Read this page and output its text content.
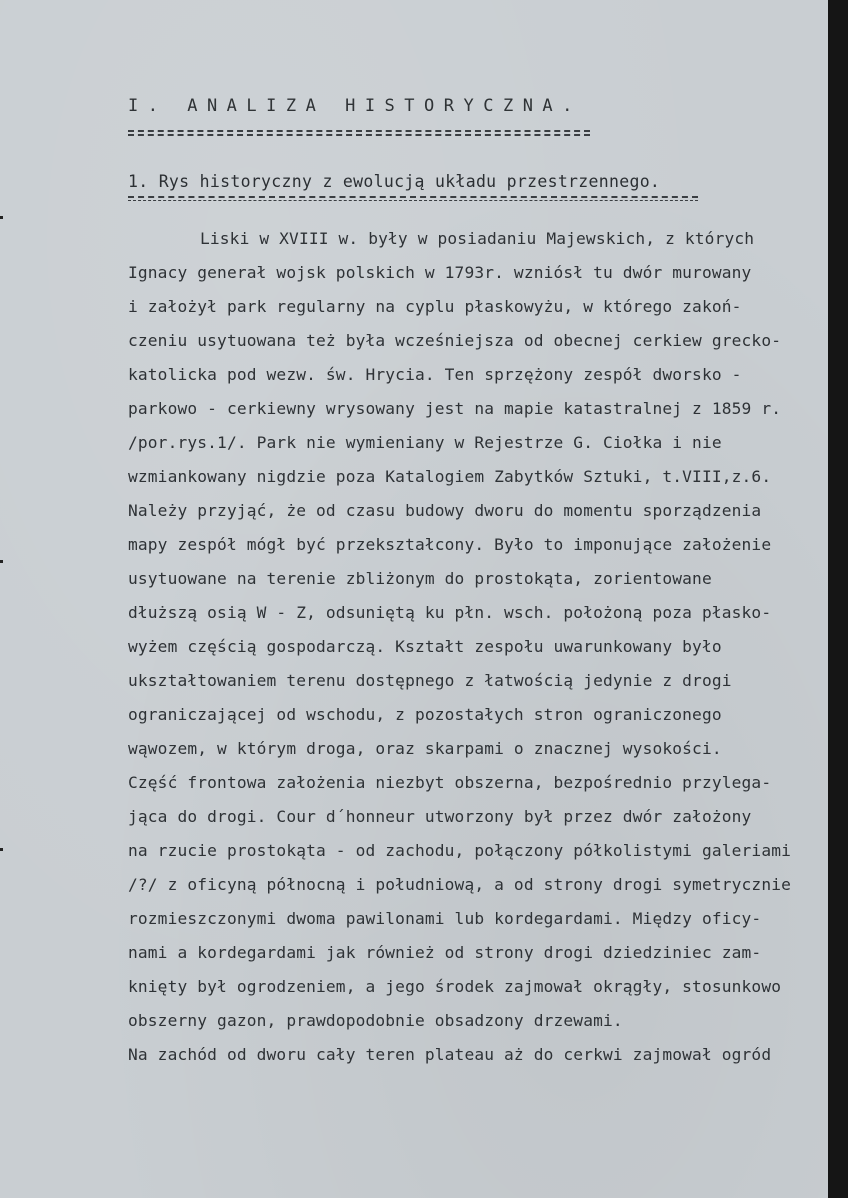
I. ANALIZA HISTORYCZNA.
1. Rys historyczny z ewolucją układu przestrzennego.
Liski w XVIII w. były w posiadaniu Majewskich, z których
Ignacy generał wojsk polskich w 1793r. wzniósł tu dwór murowany
i założył park regularny na cyplu płaskowyżu, w którego zakoń-
czeniu usytuowana też była wcześniejsza od obecnej cerkiew grecko-
katolicka pod wezw. św. Hrycia. Ten sprzężony zespół dworsko -
parkowo - cerkiewny wrysowany jest na mapie katastralnej z 1859 r.
/por.rys.1/. Park nie wymieniany w Rejestrze G. Ciołka i nie
wzmiankowany nigdzie poza Katalogiem Zabytków Sztuki, t.VIII,z.6.
Należy przyjąć, że od czasu budowy dworu do momentu sporządzenia
mapy zespół mógł być przekształcony. Było to imponujące założenie
usytuowane na terenie zbliżonym do prostokąta, zorientowane
dłuższą osią W - Z, odsuniętą ku płn. wsch. położoną poza płasko-
wyżem częścią gospodarczą. Kształt zespołu uwarunkowany było
ukształtowaniem terenu dostępnego z łatwością jedynie z drogi
ograniczającej od wschodu, z pozostałych stron ograniczonego
wąwozem, w którym droga, oraz skarpami o znacznej wysokości.
Część frontowa założenia niezbyt obszerna, bezpośrednio przylega-
jąca do drogi. Cour d´honneur utworzony był przez dwór założony
na rzucie prostokąta - od zachodu, połączony półkolistymi galeriami
/?/ z oficyną północną i południową, a od strony drogi symetrycznie
rozmieszczonymi dwoma pawilonami lub kordegardami. Między oficy-
nami a kordegardami jak również od strony drogi dziedziniec zam-
knięty był ogrodzeniem, a jego środek zajmował okrągły, stosunkowo
obszerny gazon, prawdopodobnie obsadzony drzewami.
Na zachód od dworu cały teren plateau aż do cerkwi zajmował ogród
